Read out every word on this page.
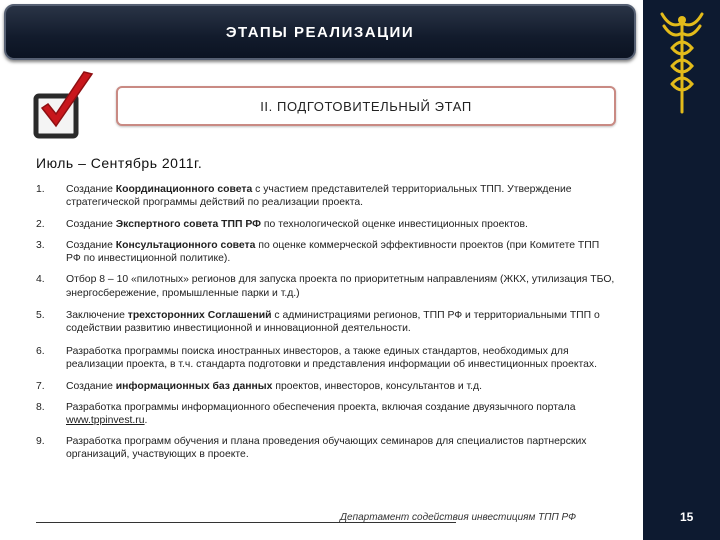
ЭТАПЫ РЕАЛИЗАЦИИ
II. ПОДГОТОВИТЕЛЬНЫЙ ЭТАП
Июль – Сентябрь 2011г.
1.	Создание Координационного совета с участием представителей территориальных ТПП. Утверждение стратегической программы действий по реализации проекта.
2.	Создание Экспертного совета ТПП РФ по технологической оценке инвестиционных проектов.
3.	Создание Консультационного совета по оценке коммерческой эффективности проектов (при Комитете ТПП РФ по инвестиционной политике).
4.	Отбор 8 – 10 «пилотных» регионов для запуска проекта по приоритетным направлениям (ЖКХ, утилизация ТБО, энергосбережение, промышленные парки и т.д.)
5.	Заключение трехсторонних Соглашений с администрациями регионов, ТПП РФ и территориальными ТПП о содействии развитию инвестиционной и инновационной деятельности.
6.	Разработка программы поиска иностранных инвесторов, а также единых стандартов, необходимых для реализации проекта, в т.ч. стандарта подготовки и представления информации об инвестиционных проектах.
7.	Создание информационных баз данных проектов, инвесторов, консультантов и т.д.
8.	Разработка программы информационного обеспечения проекта, включая создание двуязычного портала www.tppinvest.ru.
9.	Разработка программ обучения и плана проведения обучающих семинаров для специалистов партнерских организаций, участвующих в проекте.
Департамент содействия инвестициям ТПП РФ	15
